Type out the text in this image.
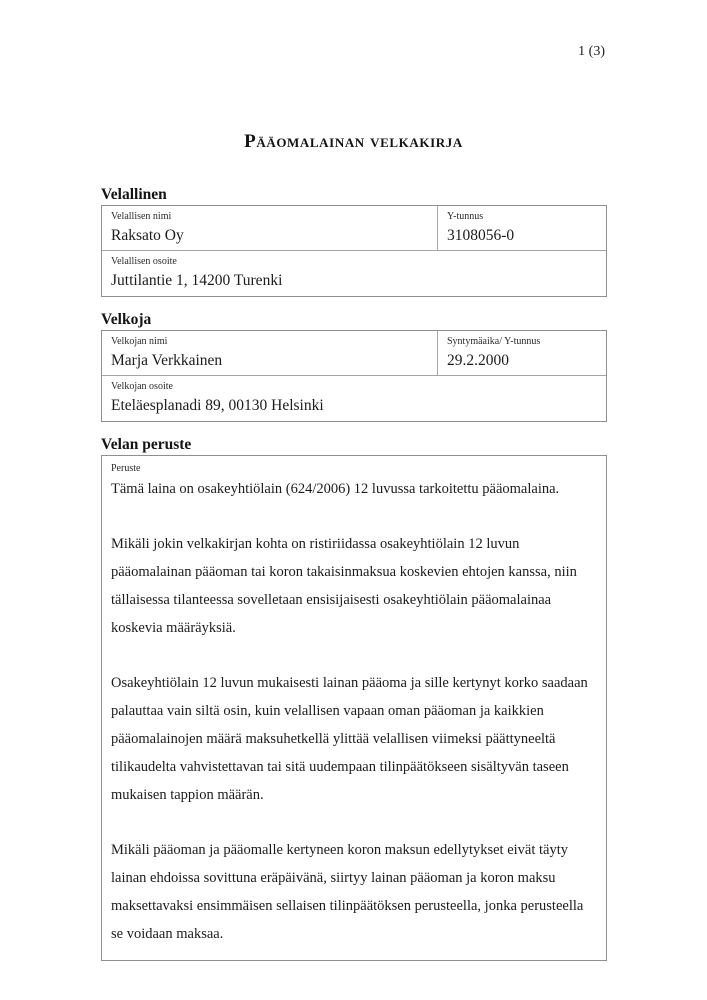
1 (3)
Pääomalainan velkakirja
Velallinen
Velallisen nimi
Raksato Oy
Y-tunnus
3108056-0
Velallisen osoite
Juttilantie 1, 14200 Turenki
Velkoja
Velkojan nimi
Marja Verkkainen
Syntymäaika/ Y-tunnus
29.2.2000
Velkojan osoite
Eteläesplanadi 89, 00130 Helsinki
Velan peruste
Peruste

Tämä laina on osakeyhtiölain (624/2006) 12 luvussa tarkoitettu pääomalaina.

Mikäli jokin velkakirjan kohta on ristiriidassa osakeyhtiölain 12 luvun pääomalainan pääoman tai koron takaisinmaksua koskevien ehtojen kanssa, niin tällaisessa tilanteessa sovelletaan ensisijaisesti osakeyhtiölain pääomalainaa koskevia määräyksiä.

Osakeyhtiölain 12 luvun mukaisesti lainan pääoma ja sille kertynyt korko saadaan palauttaa vain siltä osin, kuin velallisen vapaan oman pääoman ja kaikkien pääomalainojen määrä maksuhetkellä ylittää velallisen viimeksi päättyneeltä tilikaudelta vahvistettavan tai sitä uudempaan tilinpäätökseen sisältyvän taseen mukaisen tappion määrän.

Mikäli pääoman ja pääomalle kertyneen koron maksun edellytykset eivät täyty lainan ehdoissa sovittuna eräpäivänä, siirtyy lainan pääoman ja koron maksu maksettavaksi ensimmäisen sellaisen tilinpäätöksen perusteella, jonka perusteella se voidaan maksaa.
